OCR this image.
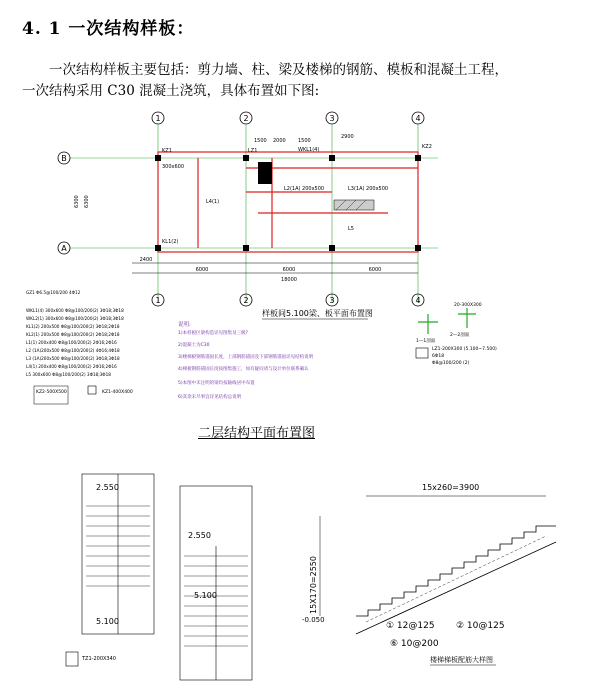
4. 1 一次结构样板：
一次结构样板主要包括：剪力墙、柱、梁及楼梯的钢筋、模板和混凝土工程，
一次结构采用 C30 混凝土浇筑，具体布置如下图:
1	2	3	4
1500 2000 1500
2900
B
A
6300 6300
KZ1
KZ2
LZ1
L2(1A) 200x500	L3(1A) 200x500
L4(1)
L5
WKL1(4)
KL1(2)
300x600
2400
6000	6000	6000
18000
1	2	3	4
样板间5.100梁、板平面布置图
GZ1 Φ6.5@100/200 4Φ12
WKL1(4) 300x600 Φ8@100/200(2) 3Φ18;3Φ18
WKL2(1) 300x600 Φ8@100/200(2) 3Φ18;3Φ18
KL1(2) 200x500 Φ8@100/200(2) 3Φ18;2Φ18
KL2(1) 200x500 Φ8@100/200(2) 2Φ18;2Φ18
L1(1) 200x400 Φ8@100/200(2) 2Φ16;2Φ16
L2 (1A)200x500 Φ8@100/200(2) 4Φ16;4Φ18
L3 (1A)200x500 Φ8@100/200(2) 3Φ18;3Φ18
L4(1) 200x400 Φ8@100/200(2) 2Φ16;2Φ16
L5 300x600 Φ8@100/200(2) 3Φ18;3Φ18
KZ2-500X500	KZ1-400X400
说明:
1)本样板区梁构造详见图集及三级?
2)混凝土为C30
3)楼梯板钢筋锚固长度，上部钢筋锚固及下部钢筋锚固详见结构说明
4)梯板钢筋锚固长度按图集施工，如有疑问请与设计单位联系确认
5)本图中未注明的梁均按轴线居中布置
6)其余未尽事宜详见结构总说明
1—1剖面
2—2剖面
20-300X300
LZ1-200X300 (5.100~7.500)
6Φ18
Φ8@100/200 (2)
二层结构平面布置图
2.550
5.100
2.550
5.100
TZ1-200X340
15x260=3900
15X170=2550
-0.050
① 12@125 ② 10@125
⑥ 10@200
楼梯梯板配筋大样图
